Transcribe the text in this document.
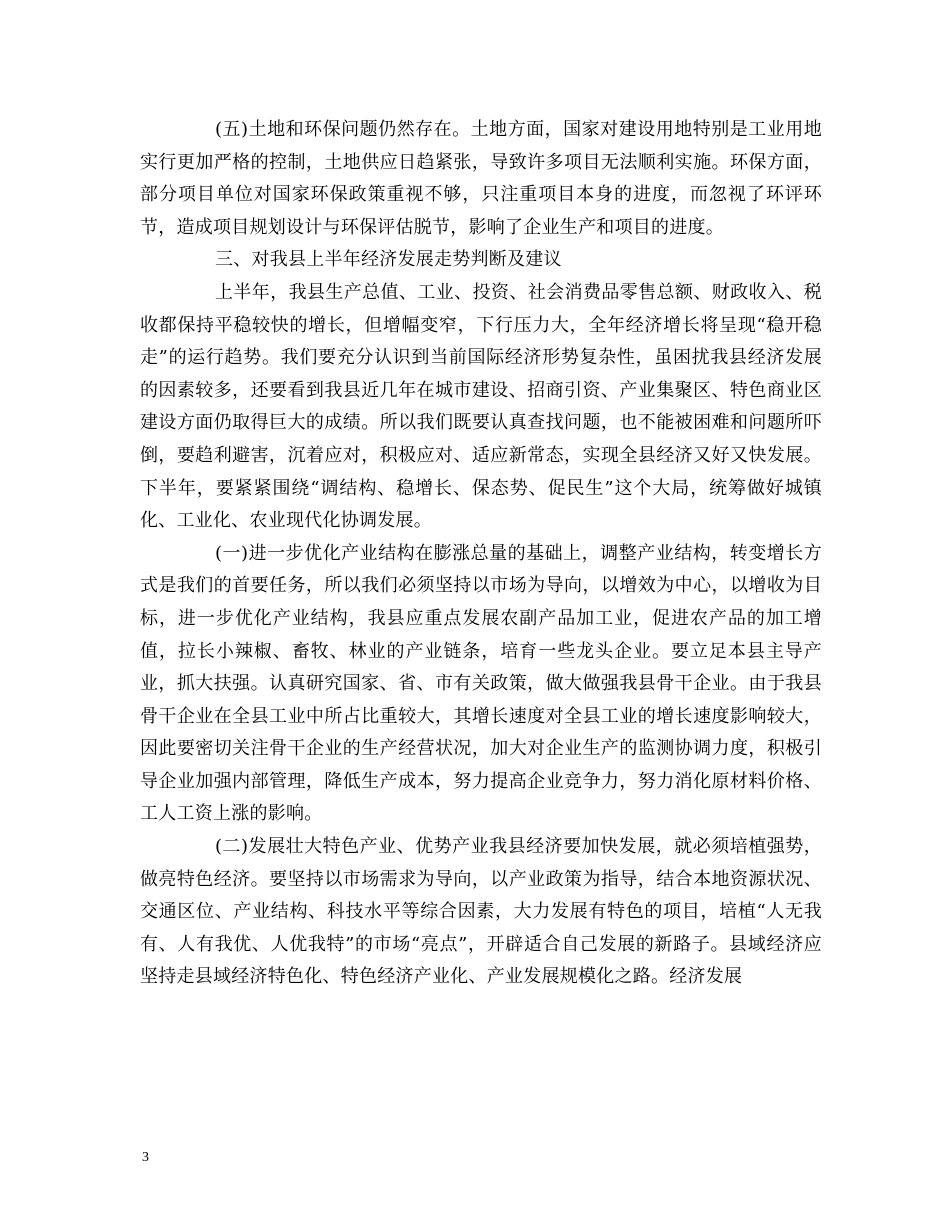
(五)土地和环保问题仍然存在。土地方面，国家对建设用地特别是工业用地实行更加严格的控制，土地供应日趋紧张，导致许多项目无法顺利实施。环保方面，部分项目单位对国家环保政策重视不够，只注重项目本身的进度，而忽视了环评环节，造成项目规划设计与环保评估脱节，影响了企业生产和项目的进度。

三、对我县上半年经济发展走势判断及建议

上半年，我县生产总值、工业、投资、社会消费品零售总额、财政收入、税收都保持平稳较快的增长，但增幅变窄，下行压力大，全年经济增长将呈现“稳开稳走”的运行趋势。我们要充分认识到当前国际经济形势复杂性，虽困扰我县经济发展的因素较多，还要看到我县近几年在城市建设、招商引资、产业集聚区、特色商业区建设方面仍取得巨大的成绩。所以我们既要认真查找问题，也不能被困难和问题所吓倒，要趋利避害，沉着应对，积极应对、适应新常态，实现全县经济又好又快发展。下半年，要紧紧围绕“调结构、稳增长、保态势、促民生”这个大局，统筹做好城镇化、工业化、农业现代化协调发展。

(一)进一步优化产业结构在膨涨总量的基础上，调整产业结构，转变增长方式是我们的首要任务，所以我们必须坚持以市场为导向，以增效为中心，以增收为目标，进一步优化产业结构，我县应重点发展农副产品加工业，促进农产品的加工增值，拉长小辣椒、畜牧、林业的产业链条，培育一些龙头企业。要立足本县主导产业，抓大扶强。认真研究国家、省、市有关政策，做大做强我县骨干企业。由于我县骨干企业在全县工业中所占比重较大，其增长速度对全县工业的增长速度影响较大，因此要密切关注骨干企业的生产经营状况，加大对企业生产的监测协调力度，积极引导企业加强内部管理，降低生产成本，努力提高企业竞争力，努力消化原材料价格、工人工资上涨的影响。

(二)发展壮大特色产业、优势产业我县经济要加快发展，就必须培植强势，做亮特色经济。要坚持以市场需求为导向，以产业政策为指导，结合本地资源状况、交通区位、产业结构、科技水平等综合因素，大力发展有特色的项目，培植“人无我有、人有我优、人优我特”的市场“亮点”，开辟适合自己发展的新路子。县域经济应坚持走县域经济特色化、特色经济产业化、产业发展规模化之路。经济发展

3
